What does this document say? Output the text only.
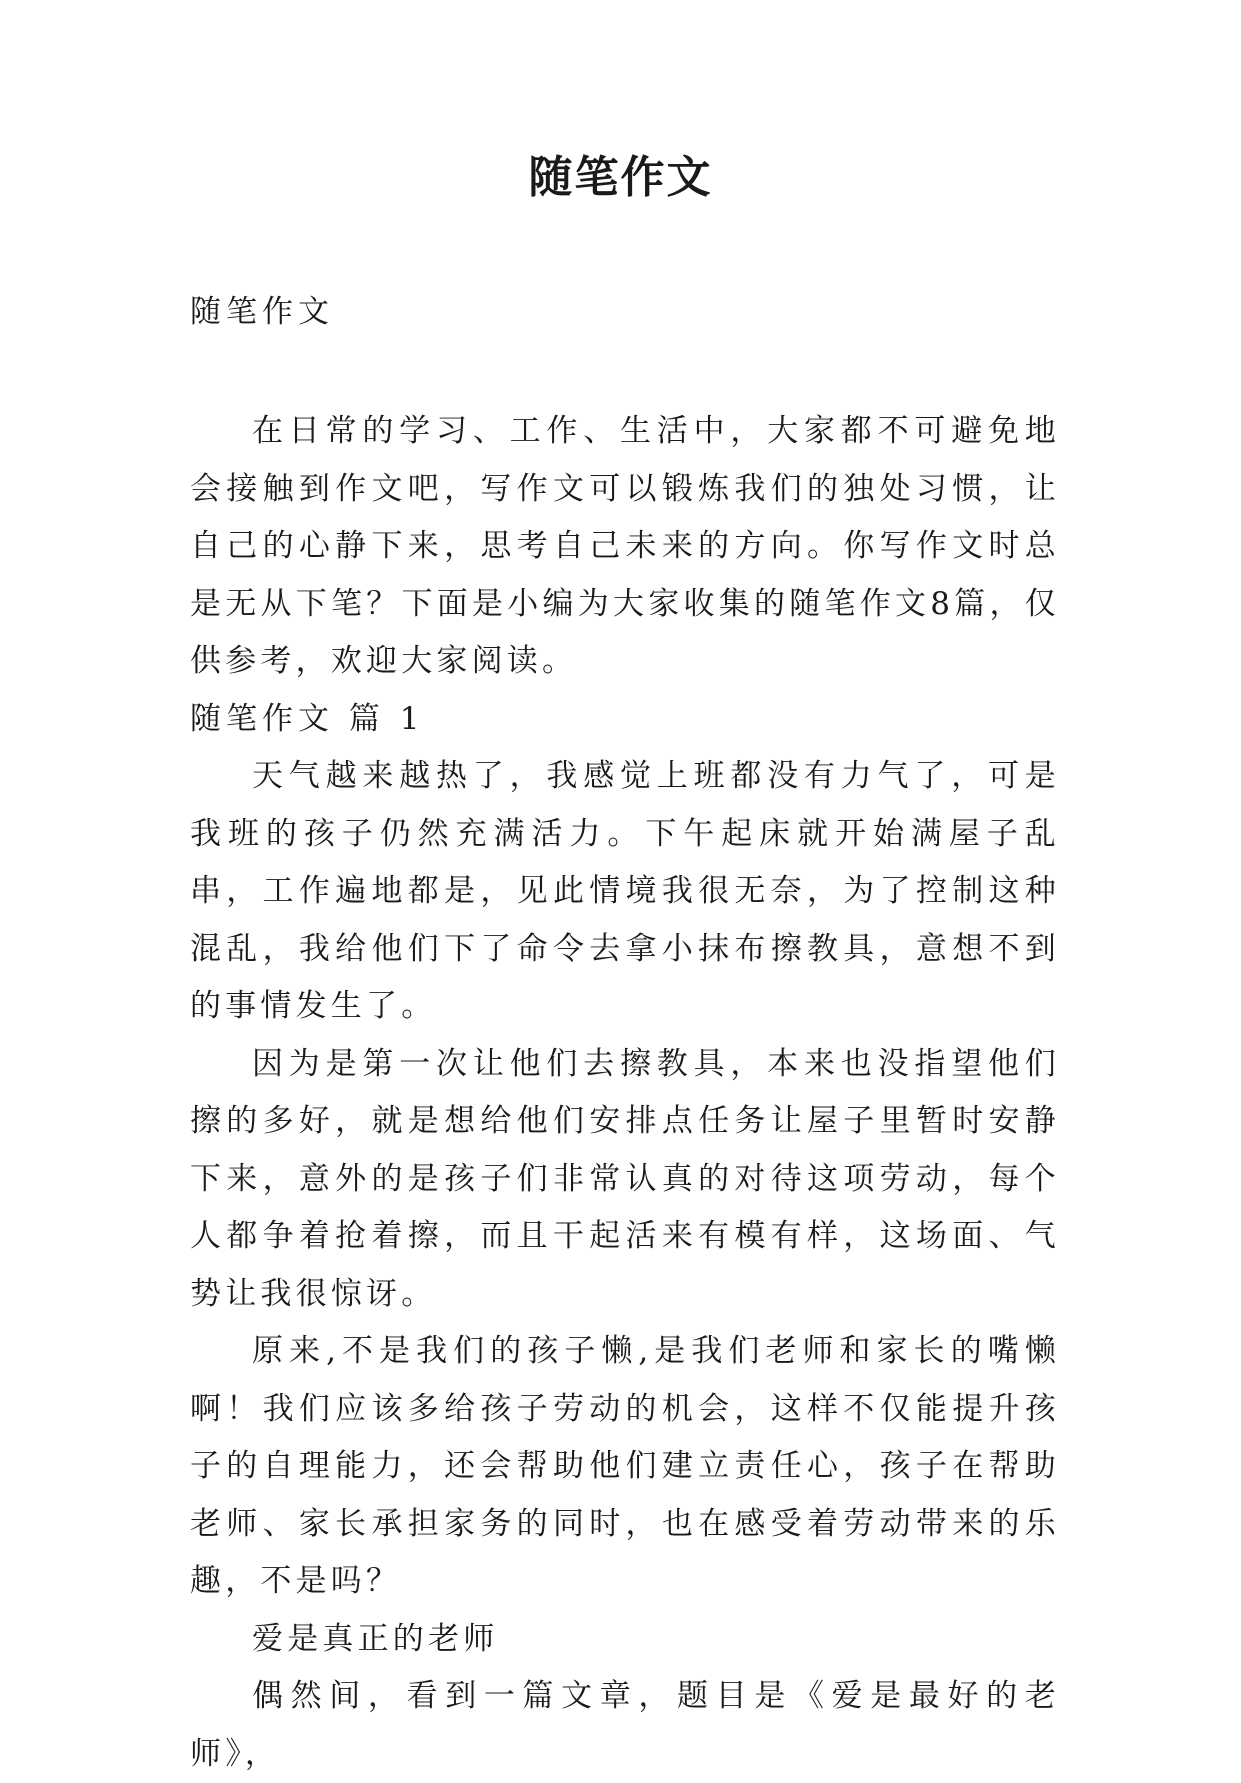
随笔作文
随笔作文

在日常的学习、工作、生活中，大家都不可避免地会接触到作文吧，写作文可以锻炼我们的独处习惯，让自己的心静下来，思考自己未来的方向。你写作文时总是无从下笔？下面是小编为大家收集的随笔作文8篇，仅供参考，欢迎大家阅读。

随笔作文 篇 1

天气越来越热了，我感觉上班都没有力气了，可是我班的孩子仍然充满活力。下午起床就开始满屋子乱串，工作遍地都是，见此情境我很无奈，为了控制这种混乱，我给他们下了命令去拿小抹布擦教具，意想不到的事情发生了。

因为是第一次让他们去擦教具，本来也没指望他们擦的多好，就是想给他们安排点任务让屋子里暂时安静下来，意外的是孩子们非常认真的对待这项劳动，每个人都争着抢着擦，而且干起活来有模有样，这场面、气势让我很惊讶。

原来,不是我们的孩子懒,是我们老师和家长的嘴懒啊！我们应该多给孩子劳动的机会，这样不仅能提升孩子的自理能力，还会帮助他们建立责任心，孩子在帮助老师、家长承担家务的同时，也在感受着劳动带来的乐趣，不是吗？

爱是真正的老师

偶然间，看到一篇文章，题目是《爱是最好的老师》，
